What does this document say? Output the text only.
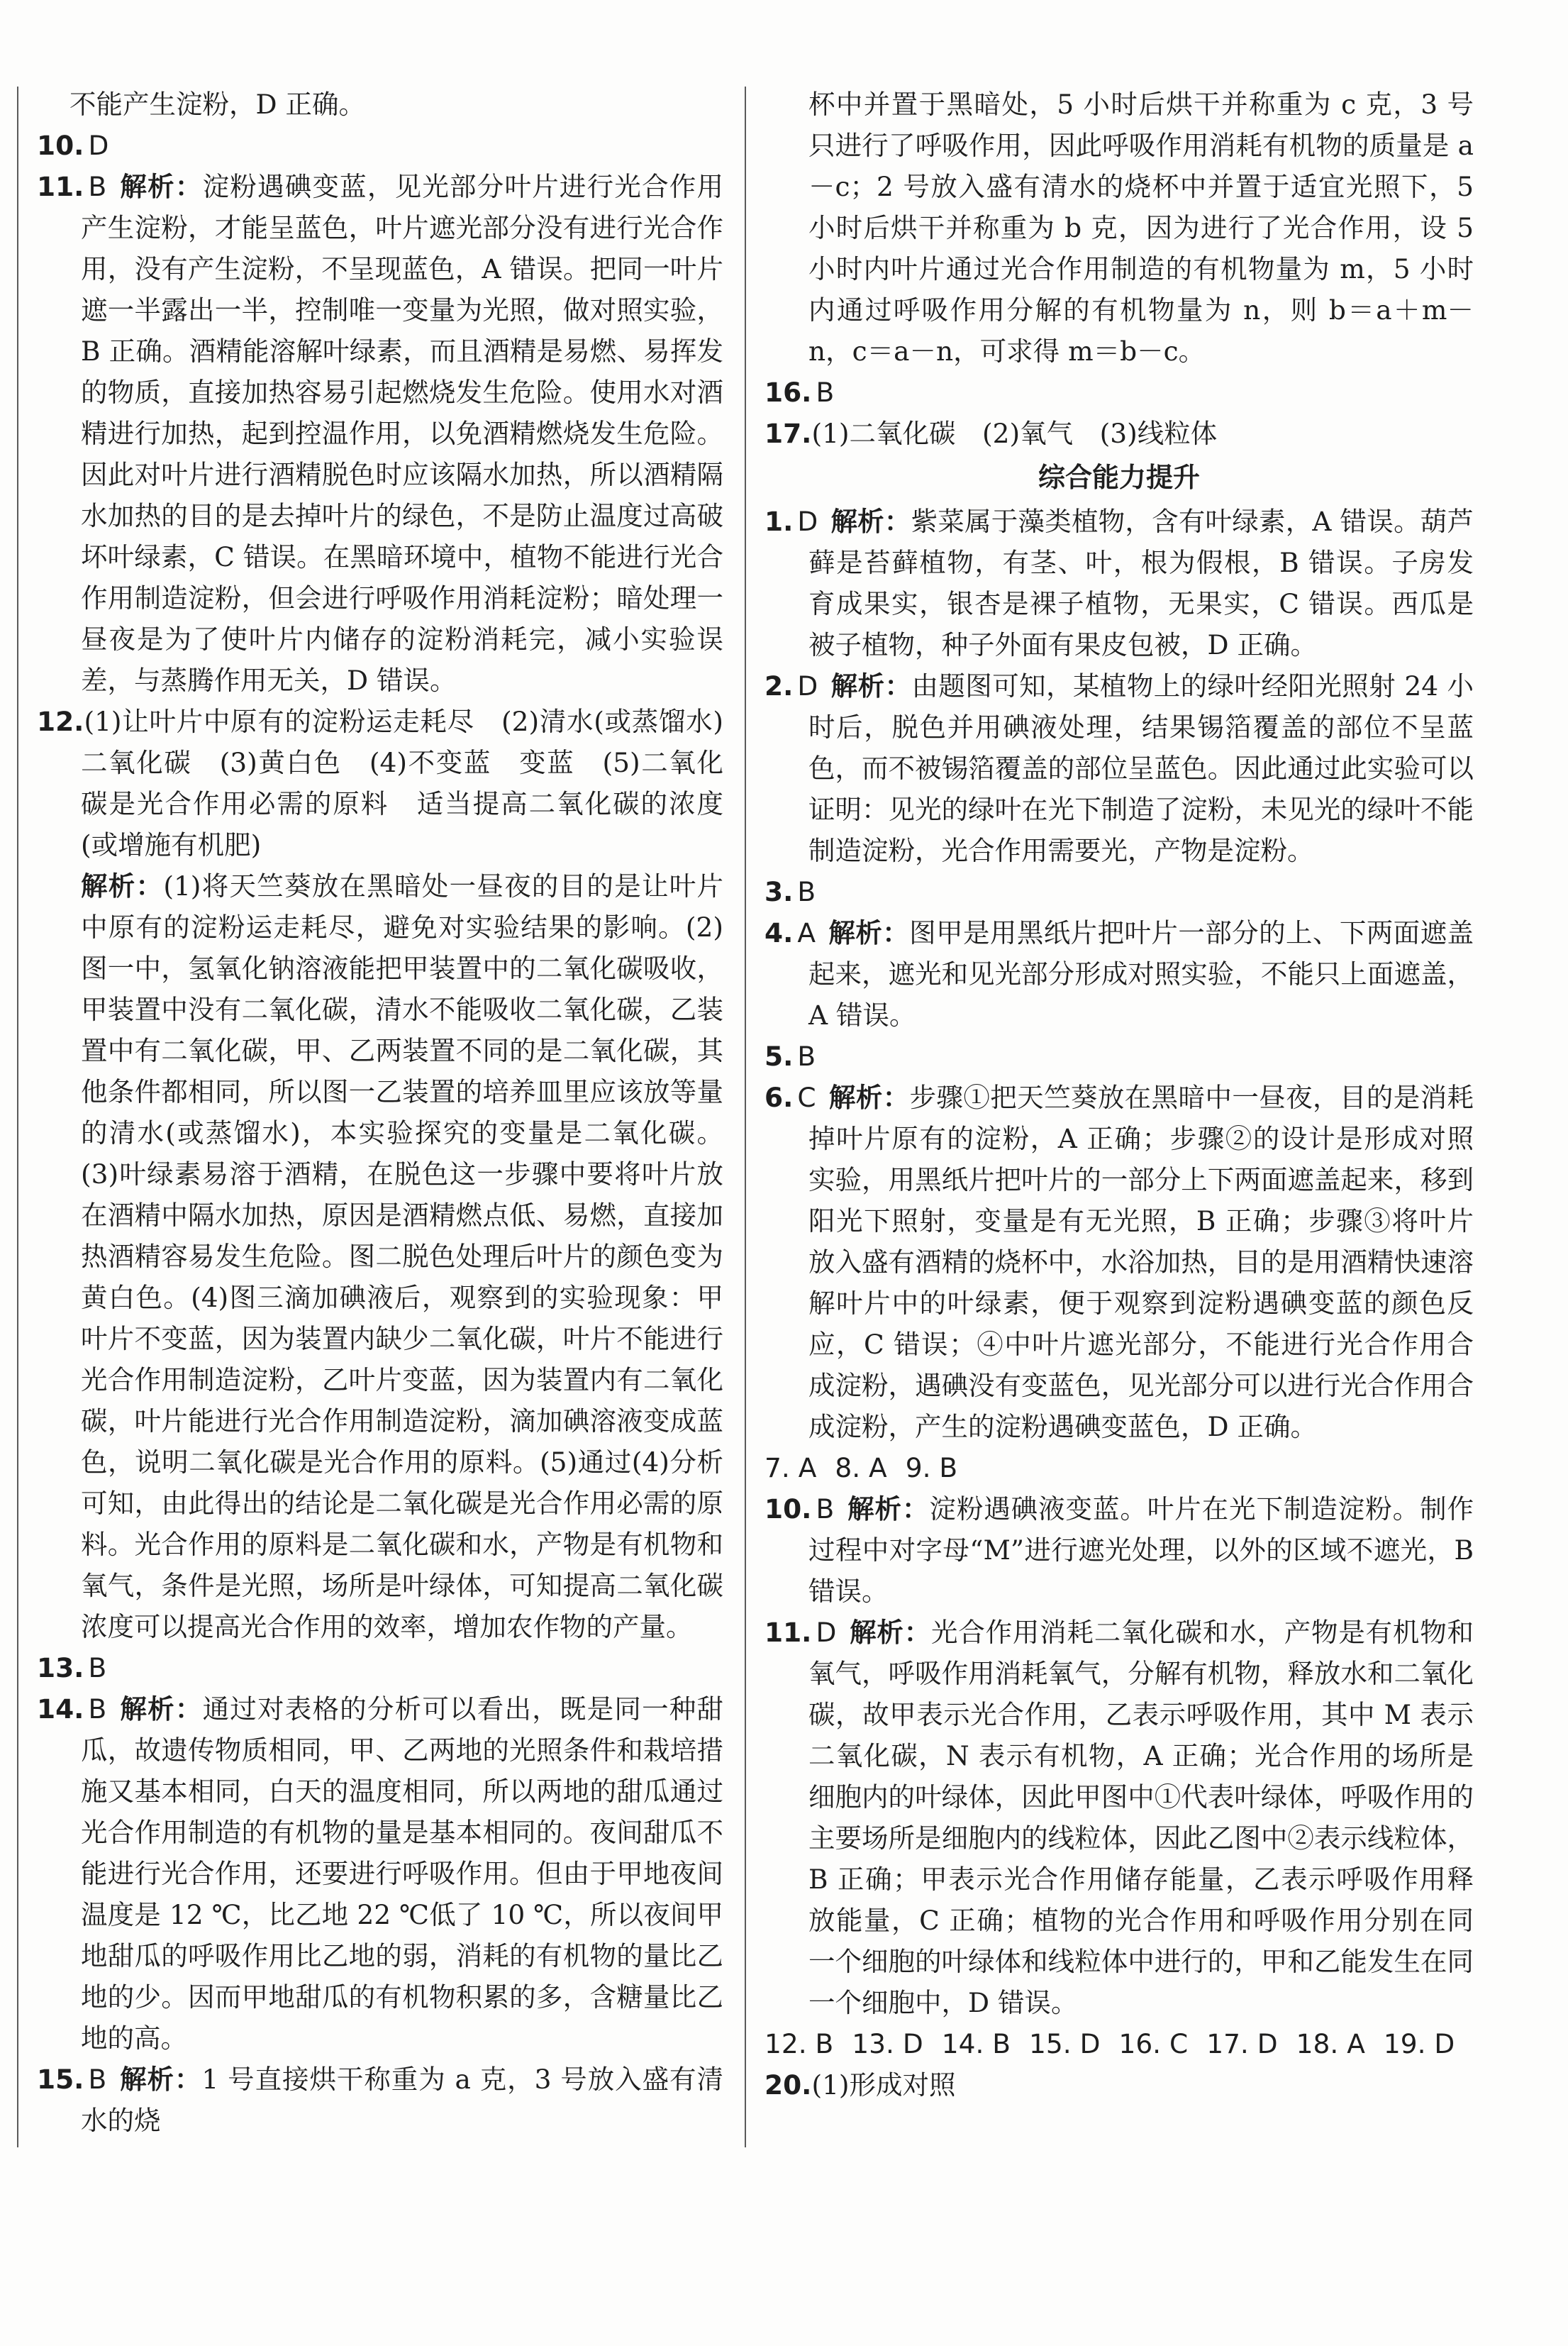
不能产生淀粉，D 正确。

10. D

11. B 解析：淀粉遇碘变蓝，见光部分叶片进行光合作用产生淀粉，才能呈蓝色，叶片遮光部分没有进行光合作用，没有产生淀粉，不呈现蓝色，A 错误。把同一叶片遮一半露出一半，控制唯一变量为光照，做对照实验，B 正确。酒精能溶解叶绿素，而且酒精是易燃、易挥发的物质，直接加热容易引起燃烧发生危险。使用水对酒精进行加热，起到控温作用，以免酒精燃烧发生危险。因此对叶片进行酒精脱色时应该隔水加热，所以酒精隔水加热的目的是去掉叶片的绿色，不是防止温度过高破坏叶绿素，C 错误。在黑暗环境中，植物不能进行光合作用制造淀粉，但会进行呼吸作用消耗淀粉；暗处理一昼夜是为了使叶片内储存的淀粉消耗完，减小实验误差，与蒸腾作用无关，D 错误。

12.(1)让叶片中原有的淀粉运走耗尽　(2)清水(或蒸馏水)　二氧化碳　(3)黄白色　(4)不变蓝　变蓝　(5)二氧化碳是光合作用必需的原料　适当提高二氧化碳的浓度(或增施有机肥)

解析：(1)将天竺葵放在黑暗处一昼夜的目的是让叶片中原有的淀粉运走耗尽，避免对实验结果的影响。(2)图一中，氢氧化钠溶液能把甲装置中的二氧化碳吸收，甲装置中没有二氧化碳，清水不能吸收二氧化碳，乙装置中有二氧化碳，甲、乙两装置不同的是二氧化碳，其他条件都相同，所以图一乙装置的培养皿里应该放等量的清水(或蒸馏水)，本实验探究的变量是二氧化碳。(3)叶绿素易溶于酒精，在脱色这一步骤中要将叶片放在酒精中隔水加热，原因是酒精燃点低、易燃，直接加热酒精容易发生危险。图二脱色处理后叶片的颜色变为黄白色。(4)图三滴加碘液后，观察到的实验现象：甲叶片不变蓝，因为装置内缺少二氧化碳，叶片不能进行光合作用制造淀粉，乙叶片变蓝，因为装置内有二氧化碳，叶片能进行光合作用制造淀粉，滴加碘溶液变成蓝色，说明二氧化碳是光合作用的原料。(5)通过(4)分析可知，由此得出的结论是二氧化碳是光合作用必需的原料。光合作用的原料是二氧化碳和水，产物是有机物和氧气，条件是光照，场所是叶绿体，可知提高二氧化碳浓度可以提高光合作用的效率，增加农作物的产量。

13. B

14. B 解析：通过对表格的分析可以看出，既是同一种甜瓜，故遗传物质相同，甲、乙两地的光照条件和栽培措施又基本相同，白天的温度相同，所以两地的甜瓜通过光合作用制造的有机物的量是基本相同的。夜间甜瓜不能进行光合作用，还要进行呼吸作用。但由于甲地夜间温度是 12 ℃，比乙地 22 ℃低了 10 ℃，所以夜间甲地甜瓜的呼吸作用比乙地的弱，消耗的有机物的量比乙地的少。因而甲地甜瓜的有机物积累的多，含糖量比乙地的高。

15. B 解析：1 号直接烘干称重为 a 克，3 号放入盛有清水的烧

杯中并置于黑暗处，5 小时后烘干并称重为 c 克，3 号只进行了呼吸作用，因此呼吸作用消耗有机物的质量是 a－c；2 号放入盛有清水的烧杯中并置于适宜光照下，5 小时后烘干并称重为 b 克，因为进行了光合作用，设 5 小时内叶片通过光合作用制造的有机物量为 m，5 小时内通过呼吸作用分解的有机物量为 n，则 b＝a＋m－n，c＝a－n，可求得 m＝b－c。

16. B

17.(1)二氧化碳　(2)氧气　(3)线粒体

综合能力提升

1. D 解析：紫菜属于藻类植物，含有叶绿素，A 错误。葫芦藓是苔藓植物，有茎、叶，根为假根，B 错误。子房发育成果实，银杏是裸子植物，无果实，C 错误。西瓜是被子植物，种子外面有果皮包被，D 正确。

2. D 解析：由题图可知，某植物上的绿叶经阳光照射 24 小时后，脱色并用碘液处理，结果锡箔覆盖的部位不呈蓝色，而不被锡箔覆盖的部位呈蓝色。因此通过此实验可以证明：见光的绿叶在光下制造了淀粉，未见光的绿叶不能制造淀粉，光合作用需要光，产物是淀粉。

3. B

4. A 解析：图甲是用黑纸片把叶片一部分的上、下两面遮盖起来，遮光和见光部分形成对照实验，不能只上面遮盖，A 错误。

5. B

6. C 解析：步骤①把天竺葵放在黑暗中一昼夜，目的是消耗掉叶片原有的淀粉，A 正确；步骤②的设计是形成对照实验，用黑纸片把叶片的一部分上下两面遮盖起来，移到阳光下照射，变量是有无光照，B 正确；步骤③将叶片放入盛有酒精的烧杯中，水浴加热，目的是用酒精快速溶解叶片中的叶绿素，便于观察到淀粉遇碘变蓝的颜色反应，C 错误；④中叶片遮光部分，不能进行光合作用合成淀粉，遇碘没有变蓝色，见光部分可以进行光合作用合成淀粉，产生的淀粉遇碘变蓝色，D 正确。

7. A 8. A 9. B

10. B 解析：淀粉遇碘液变蓝。叶片在光下制造淀粉。制作过程中对字母“M”进行遮光处理，以外的区域不遮光，B 错误。

11. D 解析：光合作用消耗二氧化碳和水，产物是有机物和氧气，呼吸作用消耗氧气，分解有机物，释放水和二氧化碳，故甲表示光合作用，乙表示呼吸作用，其中 M 表示二氧化碳，N 表示有机物，A 正确；光合作用的场所是细胞内的叶绿体，因此甲图中①代表叶绿体，呼吸作用的主要场所是细胞内的线粒体，因此乙图中②表示线粒体，B 正确；甲表示光合作用储存能量，乙表示呼吸作用释放能量，C 正确；植物的光合作用和呼吸作用分别在同一个细胞的叶绿体和线粒体中进行的，甲和乙能发生在同一个细胞中，D 错误。

12. B 13. D 14. B 15. D 16. C 17. D 18. A 19. D

20.(1)形成对照
